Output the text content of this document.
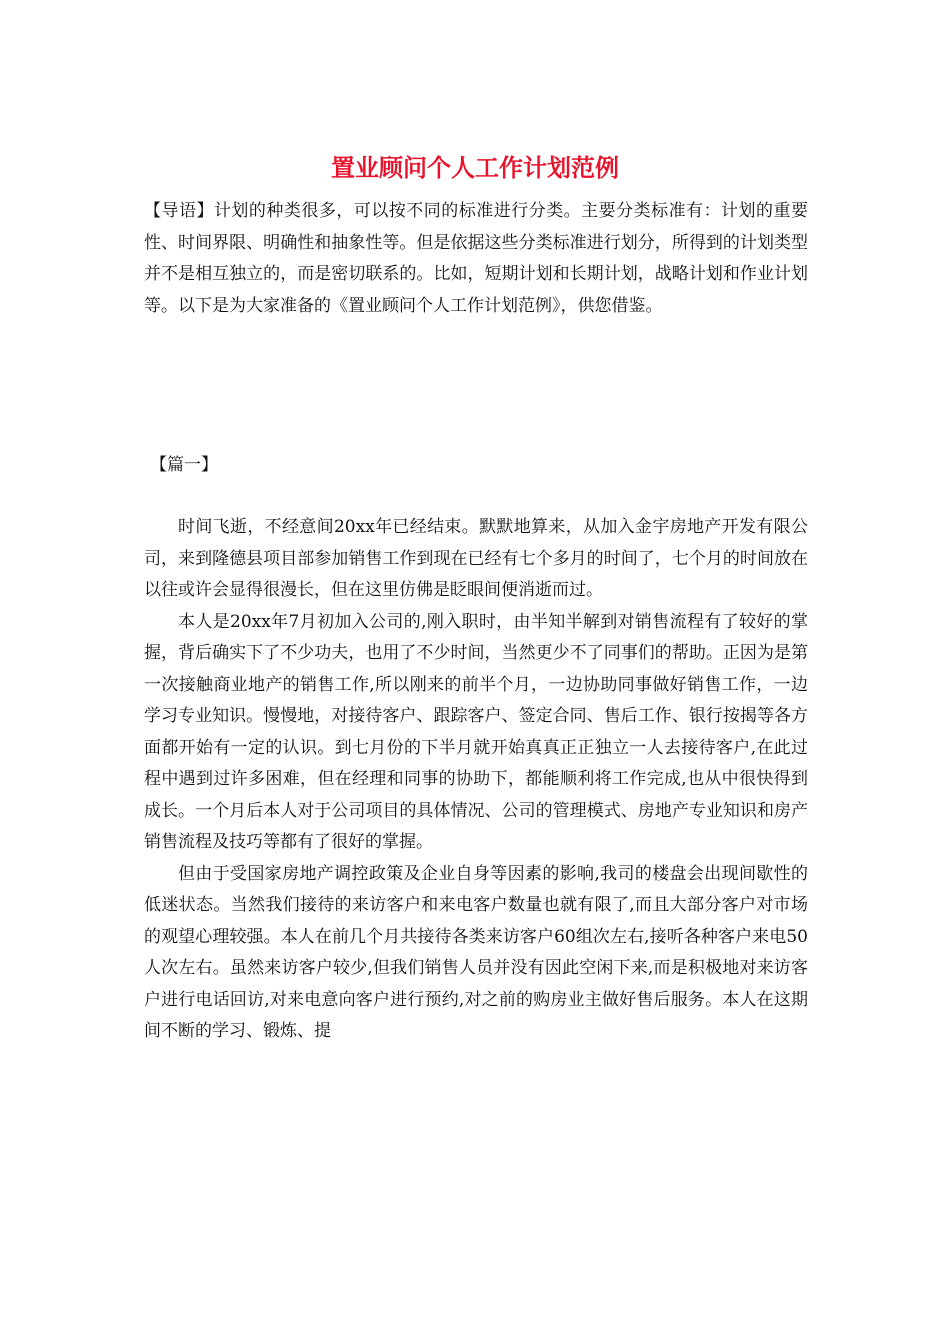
置业顾问个人工作计划范例

【导语】计划的种类很多，可以按不同的标准进行分类。主要分类标准有：计划的重要性、时间界限、明确性和抽象性等。但是依据这些分类标准进行划分，所得到的计划类型并不是相互独立的，而是密切联系的。比如，短期计划和长期计划，战略计划和作业计划等。以下是为大家准备的《置业顾问个人工作计划范例》，供您借鉴。

【篇一】

时间飞逝，不经意间20xx年已经结束。默默地算来，从加入金宇房地产开发有限公司，来到隆德县项目部参加销售工作到现在已经有七个多月的时间了，七个月的时间放在以往或许会显得很漫长，但在这里仿佛是眨眼间便消逝而过。

本人是20xx年7月初加入公司的,刚入职时，由半知半解到对销售流程有了较好的掌握，背后确实下了不少功夫，也用了不少时间，当然更少不了同事们的帮助。正因为是第一次接触商业地产的销售工作,所以刚来的前半个月，一边协助同事做好销售工作，一边学习专业知识。慢慢地，对接待客户、跟踪客户、签定合同、售后工作、银行按揭等各方面都开始有一定的认识。到七月份的下半月就开始真真正正独立一人去接待客户,在此过程中遇到过许多困难，但在经理和同事的协助下，都能顺利将工作完成,也从中很快得到成长。一个月后本人对于公司项目的具体情况、公司的管理模式、房地产专业知识和房产销售流程及技巧等都有了很好的掌握。

但由于受国家房地产调控政策及企业自身等因素的影响,我司的楼盘会出现间歇性的低迷状态。当然我们接待的来访客户和来电客户数量也就有限了,而且大部分客户对市场的观望心理较强。本人在前几个月共接待各类来访客户60组次左右,接听各种客户来电50人次左右。虽然来访客户较少,但我们销售人员并没有因此空闲下来,而是积极地对来访客户进行电话回访,对来电意向客户进行预约,对之前的购房业主做好售后服务。本人在这期间不断的学习、锻炼、提
